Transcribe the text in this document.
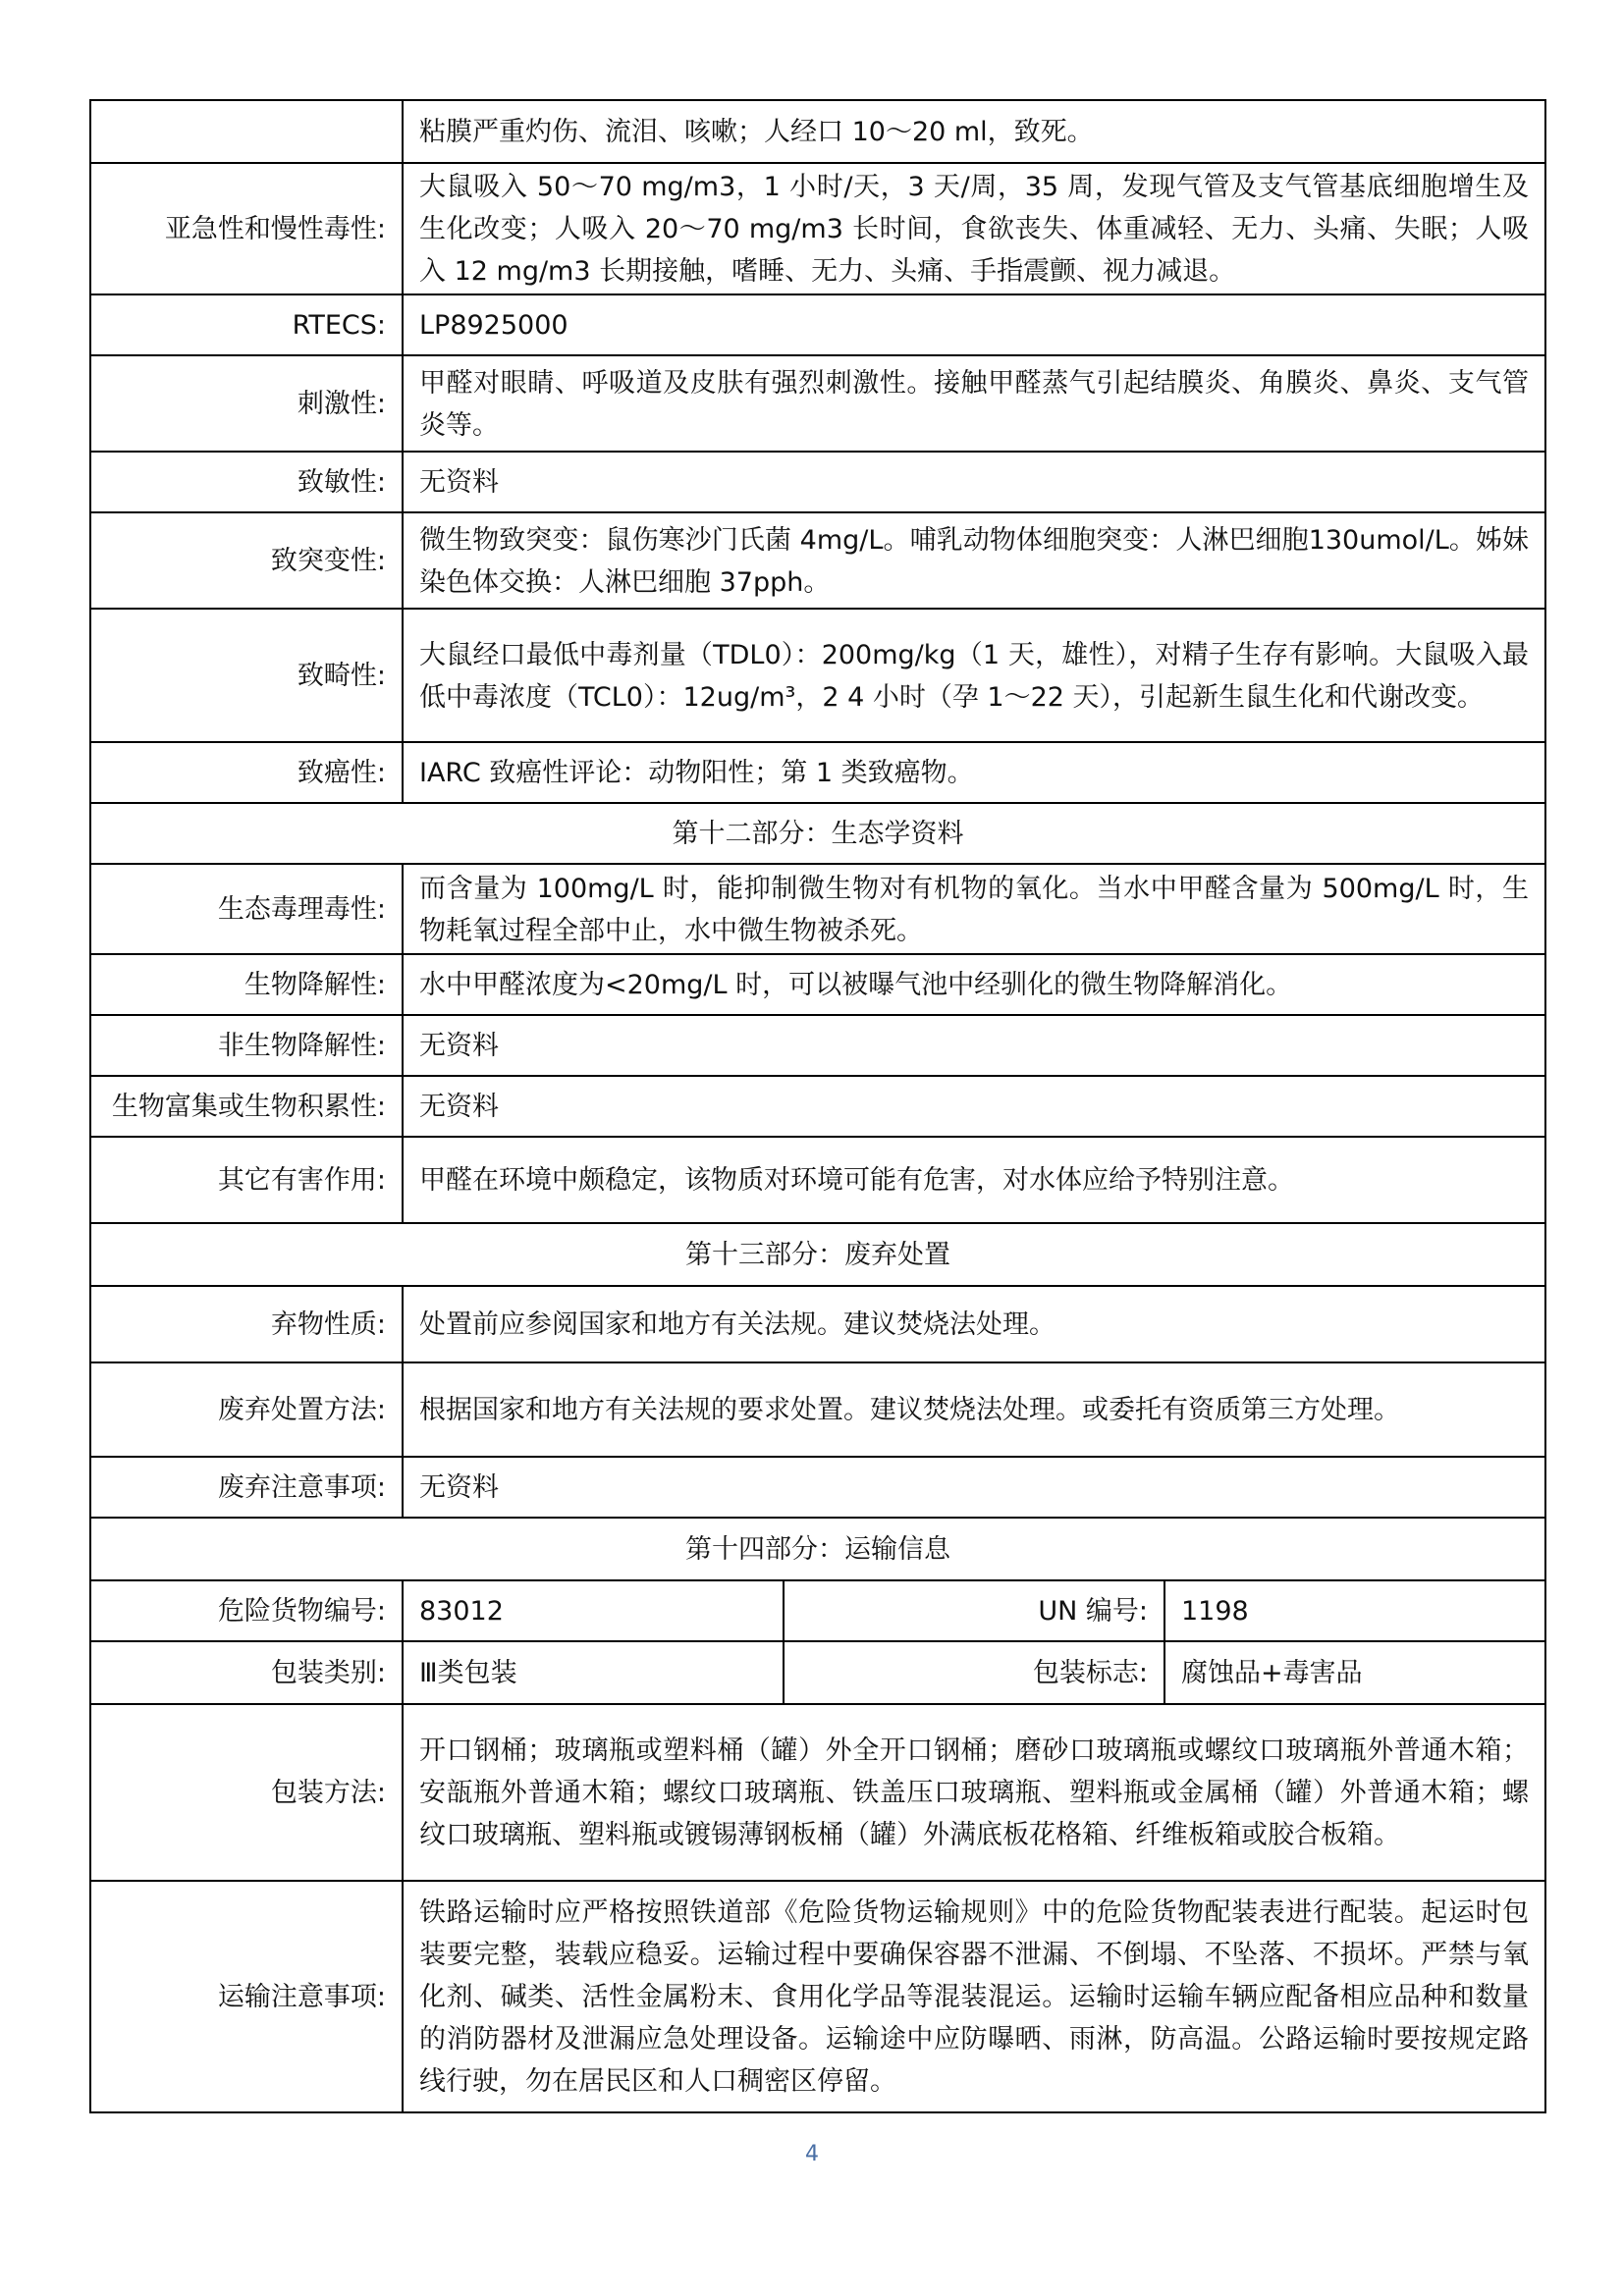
	粘膜严重灼伤、流泪、咳嗽；人经口 10～20 ml，致死。		
亚急性和慢性毒性:	大鼠吸入 50～70 mg/m3，1 小时/天，3 天/周，35 周，发现气管及支气管基底细胞增生及生化改变；人吸入 20～70 mg/m3 长时间，食欲丧失、体重减轻、无力、头痛、失眠；人吸入 12 mg/m3 长期接触，嗜睡、无力、头痛、手指震颤、视力减退。		
RTECS:	LP8925000		
刺激性:	甲醛对眼睛、呼吸道及皮肤有强烈刺激性。接触甲醛蒸气引起结膜炎、角膜炎、鼻炎、支气管炎等。		
致敏性:	无资料		
致突变性:	微生物致突变：鼠伤寒沙门氏菌 4mg/L。哺乳动物体细胞突变：人淋巴细胞130umol/L。姊妹染色体交换：人淋巴细胞 37pph。		
致畸性:	大鼠经口最低中毒剂量（TDL0）：200mg/kg（1 天，雄性），对精子生存有影响。大鼠吸入最低中毒浓度（TCL0）：12ug/m³，2 4 小时（孕 1～22 天），引起新生鼠生化和代谢改变。		
致癌性:	IARC 致癌性评论：动物阳性；第 1 类致癌物。		
第十二部分：生态学资料			
生态毒理毒性:	而含量为 100mg/L 时，能抑制微生物对有机物的氧化。当水中甲醛含量为 500mg/L 时，生物耗氧过程全部中止，水中微生物被杀死。		
生物降解性:	水中甲醛浓度为<20mg/L 时，可以被曝气池中经驯化的微生物降解消化。		
非生物降解性:	无资料		
生物富集或生物积累性:	无资料		
其它有害作用:	甲醛在环境中颇稳定，该物质对环境可能有危害，对水体应给予特别注意。		
第十三部分：废弃处置			
弃物性质:	处置前应参阅国家和地方有关法规。建议焚烧法处理。		
废弃处置方法:	根据国家和地方有关法规的要求处置。建议焚烧法处理。或委托有资质第三方处理。		
废弃注意事项:	无资料		
第十四部分：运输信息			
危险货物编号:	83012	UN 编号:	1198
包装类别:	Ⅲ类包装	包装标志:	腐蚀品+毒害品
包装方法:	开口钢桶；玻璃瓶或塑料桶（罐）外全开口钢桶；磨砂口玻璃瓶或螺纹口玻璃瓶外普通木箱；安瓿瓶外普通木箱；螺纹口玻璃瓶、铁盖压口玻璃瓶、塑料瓶或金属桶（罐）外普通木箱；螺纹口玻璃瓶、塑料瓶或镀锡薄钢板桶（罐）外满底板花格箱、纤维板箱或胶合板箱。		
运输注意事项:	铁路运输时应严格按照铁道部《危险货物运输规则》中的危险货物配装表进行配装。起运时包装要完整，装载应稳妥。运输过程中要确保容器不泄漏、不倒塌、不坠落、不损坏。严禁与氧化剂、碱类、活性金属粉末、食用化学品等混装混运。运输时运输车辆应配备相应品种和数量的消防器材及泄漏应急处理设备。运输途中应防曝晒、雨淋，防高温。公路运输时要按规定路线行驶，勿在居民区和人口稠密区停留。		
4
